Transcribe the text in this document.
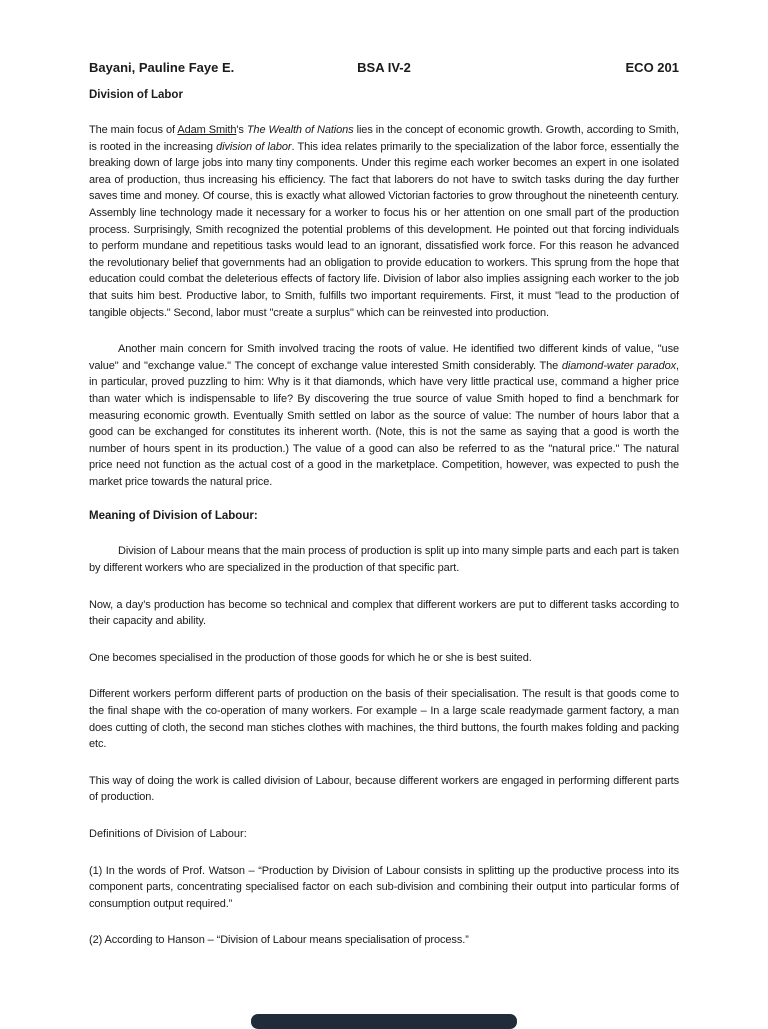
Bayani, Pauline Faye E.	BSA IV-2	ECO 201

Division of Labor

The main focus of Adam Smith's The Wealth of Nations lies in the concept of economic growth. Growth, according to Smith, is rooted in the increasing division of labor. This idea relates primarily to the specialization of the labor force, essentially the breaking down of large jobs into many tiny components. Under this regime each worker becomes an expert in one isolated area of production, thus increasing his efficiency. The fact that laborers do not have to switch tasks during the day further saves time and money. Of course, this is exactly what allowed Victorian factories to grow throughout the nineteenth century. Assembly line technology made it necessary for a worker to focus his or her attention on one small part of the production process. Surprisingly, Smith recognized the potential problems of this development. He pointed out that forcing individuals to perform mundane and repetitious tasks would lead to an ignorant, dissatisfied work force. For this reason he advanced the revolutionary belief that governments had an obligation to provide education to workers. This sprung from the hope that education could combat the deleterious effects of factory life. Division of labor also implies assigning each worker to the job that suits him best. Productive labor, to Smith, fulfills two important requirements. First, it must "lead to the production of tangible objects." Second, labor must "create a surplus" which can be reinvested into production.

Another main concern for Smith involved tracing the roots of value. He identified two different kinds of value, "use value" and "exchange value." The concept of exchange value interested Smith considerably. The diamond-water paradox, in particular, proved puzzling to him: Why is it that diamonds, which have very little practical use, command a higher price than water which is indispensable to life? By discovering the true source of value Smith hoped to find a benchmark for measuring economic growth. Eventually Smith settled on labor as the source of value: The number of hours labor that a good can be exchanged for constitutes its inherent worth. (Note, this is not the same as saying that a good is worth the number of hours spent in its production.) The value of a good can also be referred to as the "natural price." The natural price need not function as the actual cost of a good in the marketplace. Competition, however, was expected to push the market price towards the natural price.

Meaning of Division of Labour:

Division of Labour means that the main process of production is split up into many simple parts and each part is taken by different workers who are specialized in the production of that specific part.

Now, a day’s production has become so technical and complex that different workers are put to different tasks according to their capacity and ability.

One becomes specialised in the production of those goods for which he or she is best suited.

Different workers perform different parts of production on the basis of their specialisation. The result is that goods come to the final shape with the co-operation of many workers. For example – In a large scale readymade garment factory, a man does cutting of cloth, the second man stiches clothes with machines, the third buttons, the fourth makes folding and packing etc.

This way of doing the work is called division of Labour, because different workers are engaged in performing different parts of production.

Definitions of Division of Labour:

(1) In the words of Prof. Watson – “Production by Division of Labour consists in splitting up the productive process into its component parts, concentrating specialised factor on each sub-division and combining their output into particular forms of consumption output required.”

(2) According to Hanson – “Division of Labour means specialisation of process.”
